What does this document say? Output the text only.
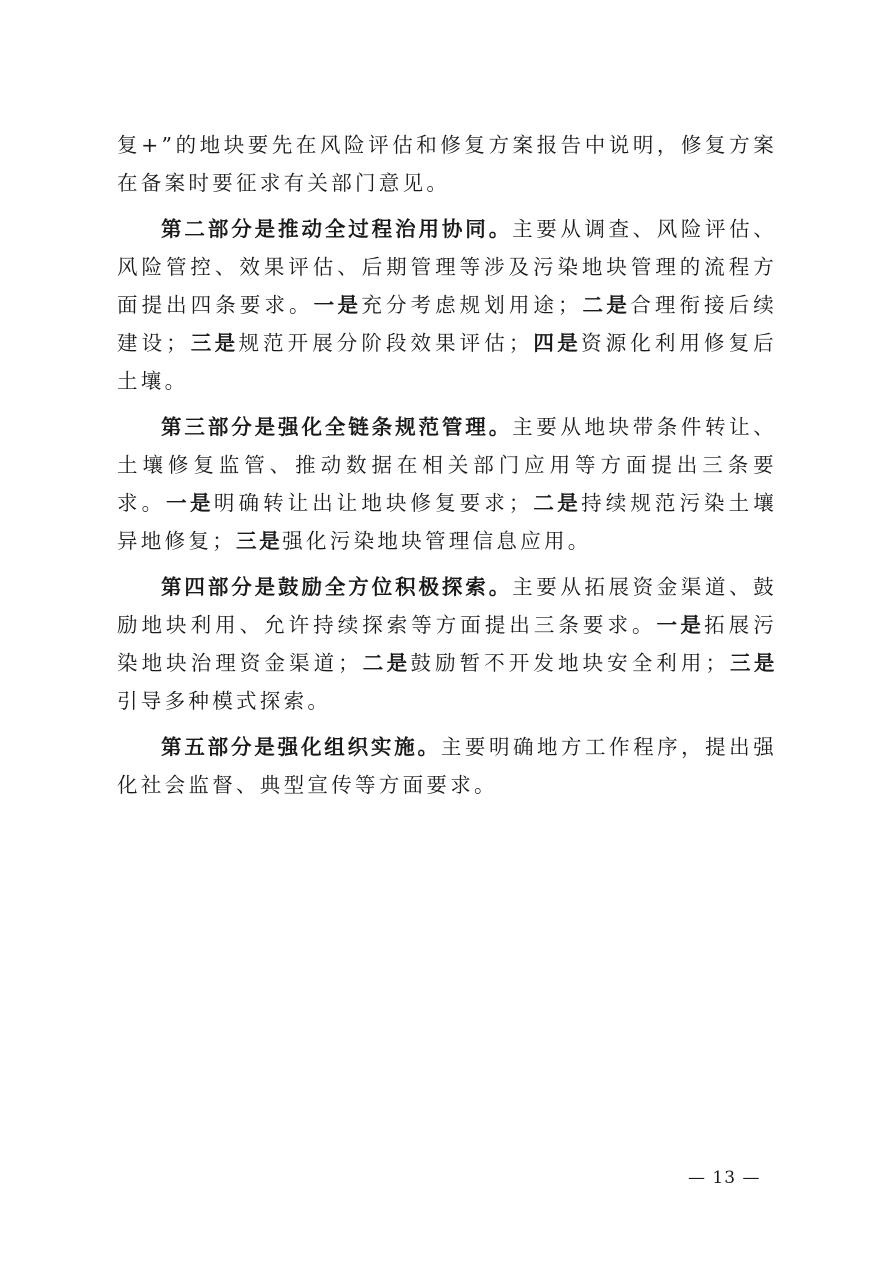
复+”的地块要先在风险评估和修复方案报告中说明，修复方案在备案时要征求有关部门意见。

第二部分是推动全过程治用协同。主要从调查、风险评估、风险管控、效果评估、后期管理等涉及污染地块管理的流程方面提出四条要求。一是充分考虑规划用途；二是合理衔接后续建设；三是规范开展分阶段效果评估；四是资源化利用修复后土壤。

第三部分是强化全链条规范管理。主要从地块带条件转让、土壤修复监管、推动数据在相关部门应用等方面提出三条要求。一是明确转让出让地块修复要求；二是持续规范污染土壤异地修复；三是强化污染地块管理信息应用。

第四部分是鼓励全方位积极探索。主要从拓展资金渠道、鼓励地块利用、允许持续探索等方面提出三条要求。一是拓展污染地块治理资金渠道；二是鼓励暂不开发地块安全利用；三是引导多种模式探索。

第五部分是强化组织实施。主要明确地方工作程序，提出强化社会监督、典型宣传等方面要求。

— 13 —
